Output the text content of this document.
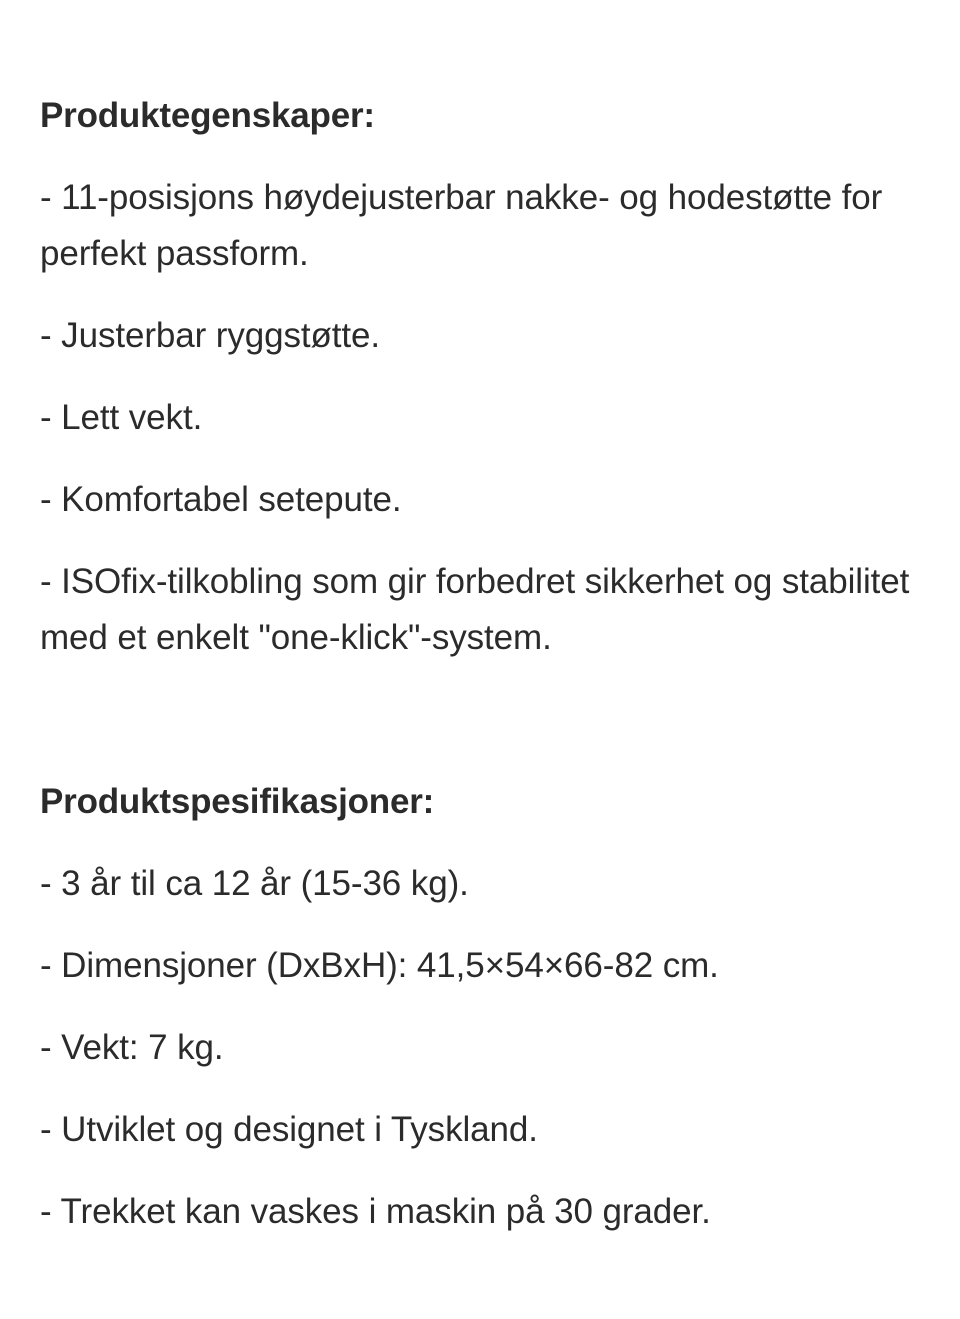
Produktegenskaper:

- 11-posisjons høydejusterbar nakke- og hodestøtte for perfekt passform.

- Justerbar ryggstøtte.

- Lett vekt.

- Komfortabel setepute.

- ISOfix-tilkobling som gir forbedret sikkerhet og stabilitet med et enkelt "one-klick"-system.

Produktspesifikasjoner:

- 3 år til ca 12 år (15-36 kg).

- Dimensjoner (DxBxH): 41,5×54×66-82 cm.

- Vekt: 7 kg.

- Utviklet og designet i Tyskland.

- Trekket kan vaskes i maskin på 30 grader.
